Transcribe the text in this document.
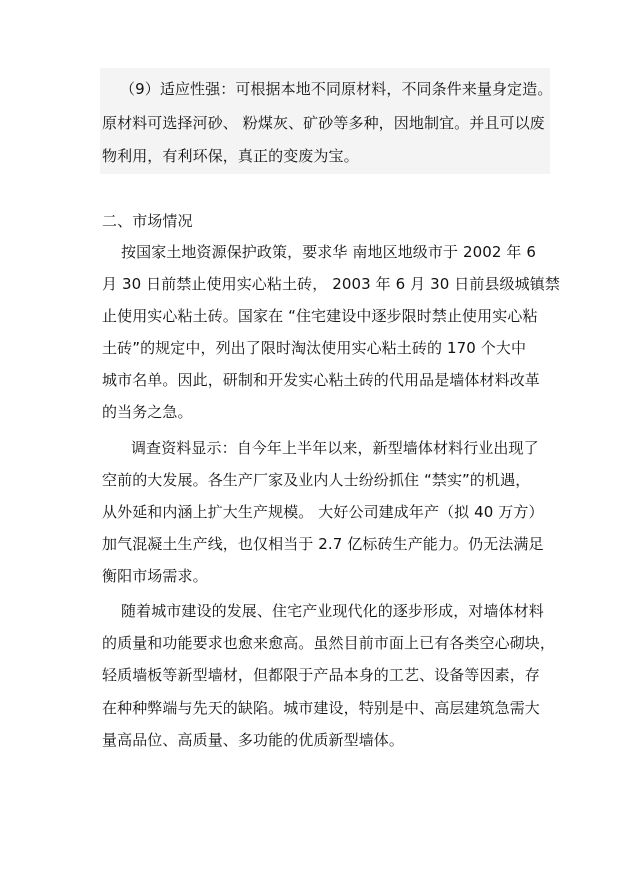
（9）适应性强：可根据本地不同原材料，不同条件来量身定造。
原材料可选择河砂、 粉煤灰、矿砂等多种，因地制宜。并且可以废
物利用，有利环保，真正的变废为宝。
二、市场情况
按国家土地资源保护政策，要求华 南地区地级市于 2002 年 6
月 30 日前禁止使用实心粘土砖， 2003 年 6 月 30 日前县级城镇禁
止使用实心粘土砖。国家在 “住宅建设中逐步限时禁止使用实心粘
土砖”的规定中，列出了限时淘汰使用实心粘土砖的 170 个大中
城市名单。因此，研制和开发实心粘土砖的代用品是墙体材料改革
的当务之急。
调查资料显示：自今年上半年以来，新型墙体材料行业出现了
空前的大发展。各生产厂家及业内人士纷纷抓住 “禁实”的机遇，
从外延和内涵上扩大生产规模。 大好公司建成年产（拟 40 万方）
加气混凝土生产线，也仅相当于 2.7 亿标砖生产能力。仍无法满足
衡阳市场需求。
随着城市建设的发展、住宅产业现代化的逐步形成，对墙体材料
的质量和功能要求也愈来愈高。虽然目前市面上已有各类空心砌块，
轻质墙板等新型墙材，但都限于产品本身的工艺、设备等因素，存
在种种弊端与先天的缺陷。城市建设，特别是中、高层建筑急需大
量高品位、高质量、多功能的优质新型墙体。
